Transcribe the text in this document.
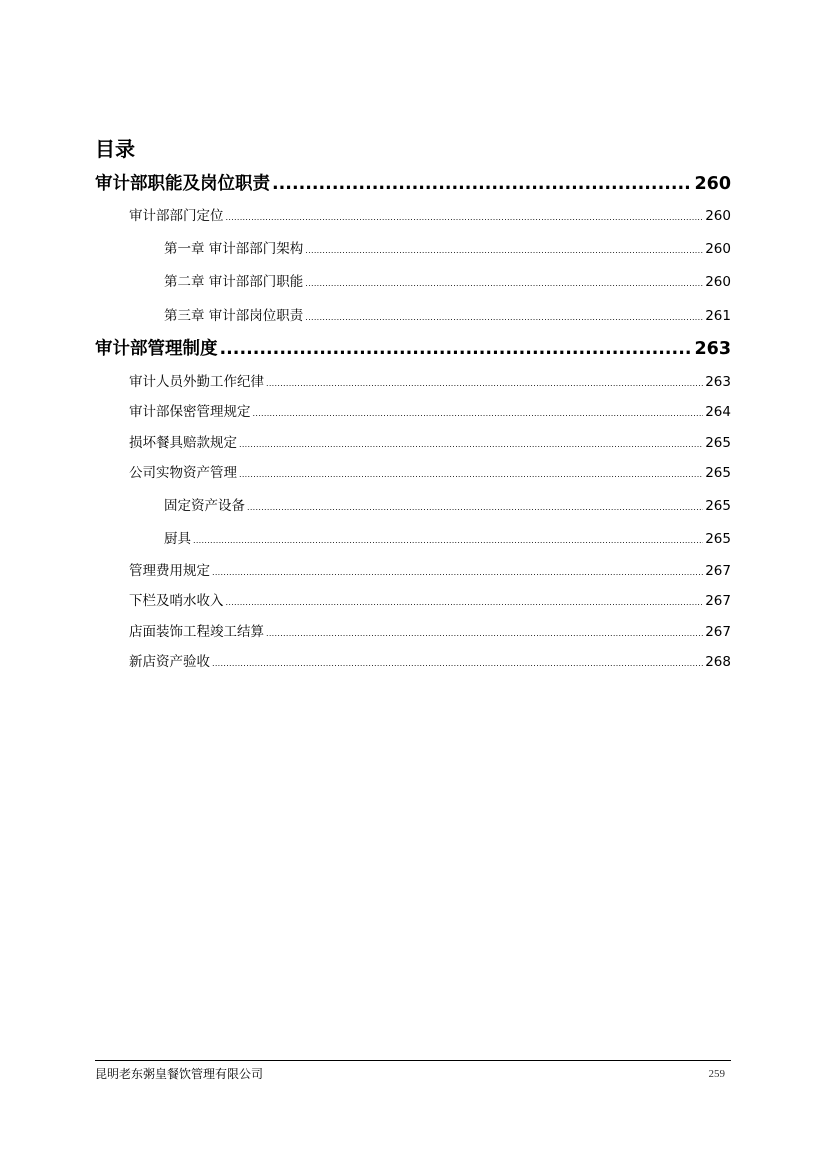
目录
审计部职能及岗位职责 .....	260
审计部部门定位 .....	260
第一章 审计部部门架构 .....	260
第二章 审计部部门职能 .....	260
第三章 审计部岗位职责 .....	261
审计部管理制度 .....	263
审计人员外勤工作纪律 .....	263
审计部保密管理规定 .....	264
损坏餐具赔款规定 .....	265
公司实物资产管理 .....	265
固定资产设备 .....	265
厨具 .....	265
管理费用规定 .....	267
下栏及哨水收入 .....	267
店面装饰工程竣工结算 .....	267
新店资产验收 .....	268
昆明老东粥皇餐饮管理有限公司	259
